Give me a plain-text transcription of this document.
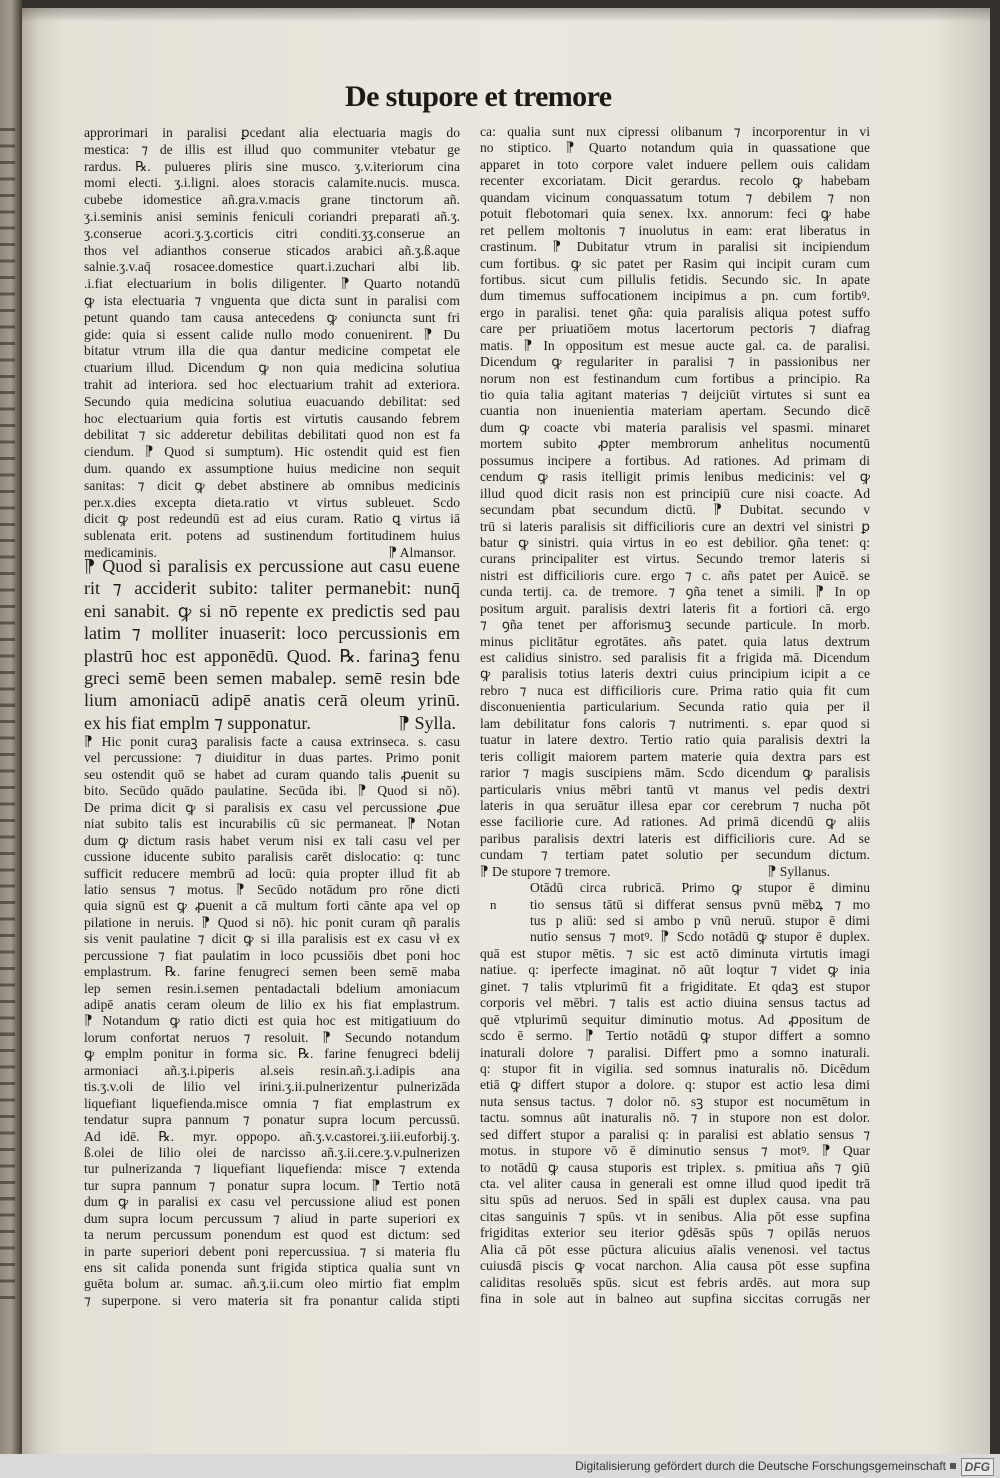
De stupore et tremore
approrimari in paralisi ꝑcedant alia electuaria magis do
mestica: ⁊ de illis est illud quo communiter vtebatur ge
rardus. ℞. pulueres pliris sine musco. ʒ.v.iteriorum cina
momi electi. ʒ.i.ligni. aloes storacis calamite.nucis. musca.
cubebe idomestice añ.gra.v.macis grane tinctorum añ.
ʒ.i.seminis anisi seminis feniculi coriandri preparati añ.ʒ.
ʒ.conserue acori.ʒ.ʒ.corticis citri conditi.ʒʒ.conserue an
thos vel adianthos conserue sticados arabici añ.ʒ.ß.aque
salnie.ʒ.v.aq̄ rosacee.domestice quart.i.zuchari albi lib.
.i.fiat electuarium in bolis diligenter. ⁋ Quarto notandū
ꝙ ista electuaria ⁊ vnguenta que dicta sunt in paralisi com
petunt quando tam causa antecedens ꝙ coniuncta sunt fri
gide: quia si essent calide nullo modo conuenirent. ⁋ Du
bitatur vtrum illa die qua dantur medicine competat ele
ctuarium illud. Dicendum ꝙ non quia medicina solutiua
trahit ad interiora. sed hoc electuarium trahit ad exteriora.
Secundo quia medicina solutiua euacuando debilitat: sed
hoc electuarium quia fortis est virtutis causando febrem
debilitat ⁊ sic adderetur debilitas debilitati quod non est fa
ciendum. ⁋ Quod si sumptum). Hic ostendit quid est fien
dum. quando ex assumptione huius medicine non sequit
sanitas: ⁊ dicit ꝙ debet abstinere ab omnibus medicinis
per.x.dies excepta dieta.ratio vt virtus subleuet. Scdo
dicit ꝙ post redeundū est ad eius curam. Ratio ꝗ virtus iā
sublenata erit. potens ad sustinendum fortitudinem huius
medicaminis.	⁋ Almansor.
⁋ Quod si paralisis ex percussione aut casu euene
rit ⁊ acciderit subito: taliter permanebit: nunq̄
eni sanabit. ꝙ si nō repente ex predictis sed pau
latim ⁊ molliter inuaserit: loco percussionis em
plastrū hoc est apponēdū. Quod. ℞. farinaꝫ fenu
greci semē been semen mabalep. semē resin bde
lium amoniacū adipē anatis cerā oleum yrinū.
ex his fiat emplm ⁊ supponatur.	⁋ Sylla.
⁋ Hic ponit curaꝫ paralisis facte a causa extrinseca. s. casu
vel percussione: ⁊ diuiditur in duas partes. Primo ponit
seu ostendit quō se habet ad curam quando talis ꝓuenit su
bito. Secūdo quādo paulatine. Secūda ibi. ⁋ Quod si nō).
De prima dicit ꝙ si paralisis ex casu vel percussione ꝓue
niat subito talis est incurabilis cū sic permaneat. ⁋ Notan
dum ꝙ dictum rasis habet verum nisi ex tali casu vel per
cussione iducente subito paralisis carēt dislocatio: q: tunc
sufficit reducere membrū ad locū: quia propter illud fit ab
latio sensus ⁊ motus. ⁋ Secūdo notādum pro rōne dicti
quia signū est ꝙ ꝓuenit a cā multum forti cānte apa vel op
pilatione in neruis. ⁋ Quod si nō). hic ponit curam qñ paralis
sis venit paulatine ⁊ dicit ꝙ si illa paralisis est ex casu vł ex
percussione ⁊ fiat paulatim in loco pcussiōis dbet poni hoc
emplastrum. ℞. farine fenugreci semen been semē maba
lep semen resin.i.semen pentadactali bdelium amoniacum
adipē anatis ceram oleum de lilio ex his fiat emplastrum.
⁋ Notandum ꝙ ratio dicti est quia hoc est mitigatiuum do
lorum confortat neruos ⁊ resoluit. ⁋ Secundo notandum
ꝙ emplm ponitur in forma sic. ℞. farine fenugreci bdelij
armoniaci añ.ʒ.i.piperis al.seis resin.añ.ʒ.i.adipis ana
tis.ʒ.v.oli de lilio vel irini.ʒ.ii.pulnerizentur pulnerizāda
liquefiant liquefienda.misce omnia ⁊ fiat emplastrum ex
tendatur supra pannum ⁊ ponatur supra locum percussū.
Ad idē. ℞. myr. oppopo. añ.ʒ.v.castorei.ʒ.iii.euforbij.ʒ.
ß.olei de lilio olei de narcisso añ.ʒ.ii.cere.ʒ.v.pulnerizen
tur pulnerizanda ⁊ liquefiant liquefienda: misce ⁊ extenda
tur supra pannum ⁊ ponatur supra locum. ⁋ Tertio notā
dum ꝙ in paralisi ex casu vel percussione aliud est ponen
dum supra locum percussum ⁊ aliud in parte superiori ex
ta nerum percussum ponendum est quod est dictum: sed
in parte superiori debent poni repercussiua. ⁊ si materia flu
ens sit calida ponenda sunt frigida stiptica qualia sunt vn
guēta bolum ar. sumac. añ.ʒ.ii.cum oleo mirtio fiat emplm
⁊ superpone. si vero materia sit fra ponantur calida stipti
ca: qualia sunt nux cipressi olibanum ⁊ incorporentur in vi
no stiptico. ⁋ Quarto notandum quia in quassatione que
apparet in toto corpore valet induere pellem ouis calidam
recenter excoriatam. Dicit gerardus. recolo ꝙ habebam
quandam vicinum conquassatum totum ⁊ debilem ⁊ non
potuit flebotomari quia senex. lxx. annorum: feci ꝙ habe
ret pellem moltonis ⁊ inuolutus in eam: erat liberatus in
crastinum. ⁋ Dubitatur vtrum in paralisi sit incipiendum
cum fortibus. ꝙ sic patet per Rasim qui incipit curam cum
fortibus. sicut cum pillulis fetidis. Secundo sic. In apate
dum timemus suffocationem incipimus a pn. cum fortibꝰ.
ergo in paralisi. tenet ꝯña: quia paralisis aliqua potest suffo
care per priuatiōem motus lacertorum pectoris ⁊ diafrag
matis. ⁋ In oppositum est mesue aucte gal. ca. de paralisi.
Dicendum ꝙ regulariter in paralisi ⁊ in passionibus ner
norum non est festinandum cum fortibus a principio. Ra
tio quia talia agitant materias ⁊ deijciūt virtutes si sunt ea
cuantia non inuenientia materiam apertam. Secundo dicē
dum ꝙ coacte vbi materia paralisis vel spasmi. minaret
mortem subito ꝓpter membrorum anhelitus nocumentū
possumus incipere a fortibus. Ad rationes. Ad primam di
cendum ꝙ rasis itelligit primis lenibus medicinis: vel ꝙ
illud quod dicit rasis non est principiū cure nisi coacte. Ad
secundam pbat secundum dictū. ⁋ Dubitat. secundo v
trū si lateris paralisis sit difficilioris cure an dextri vel sinistri ꝑ
batur ꝙ sinistri. quia virtus in eo est debilior. ꝯña tenet: q:
curans principaliter est virtus. Secundo tremor lateris si
nistri est difficilioris cure. ergo ⁊ c. añs patet per Auicē. se
cunda tertij. ca. de tremore. ⁊ ꝯña tenet a simili. ⁋ In op
positum arguit. paralisis dextri lateris fit a fortiori cā. ergo
⁊ ꝯña tenet per afforismuꝫ secunde particule. In morb.
minus piclitātur egrotātes. añs patet. quia latus dextrum
est calidius sinistro. sed paralisis fit a frigida mā. Dicendum
ꝙ paralisis totius lateris dextri cuius principium icipit a ce
rebro ⁊ nuca est difficilioris cure. Prima ratio quia fit cum
disconuenientia particularium. Secunda ratio quia per il
lam debilitatur fons caloris ⁊ nutrimenti. s. epar quod si
tuatur in latere dextro. Tertio ratio quia paralisis dextri la
teris colligit maiorem partem materie quia dextra pars est
rarior ⁊ magis suscipiens mām. Scdo dicendum ꝙ paralisis
particularis vnius mēbri tantū vt manus vel pedis dextri
lateris in qua seruātur illesa epar cor cerebrum ⁊ nucha pōt
esse faciliorie cure. Ad rationes. Ad primā dicendū ꝙ aliis
paribus paralisis dextri lateris est difficilioris cure. Ad se
cundam ⁊ tertiam patet solutio per secundum dictum.
⁋ De stupore ⁊ tremore.	⁋ Syllanus.
Otādū circa rubricā. Primo ꝙ stupor ē diminu
tio sensus tātū si differat sensus pvnū mēbꝝ ⁊ mo
tus p aliū: sed si ambo p vnū neruū. stupor ē dimi
nutio sensus ⁊ motꝰ. ⁋ Scdo notādū ꝙ stupor ē duplex.
quā est stupor mētis. ⁊ sic est actō diminuta virtutis imagi
natiue. q: iperfecte imaginat. nō aūt loqtur ⁊ videt ꝙ inia
ginet. ⁊ talis vtplurimū fit a frigiditate. Et qdaꝫ est stupor
corporis vel mēbri. ⁊ talis est actio diuina sensus tactus ad
quē vtplurimū sequitur diminutio motus. Ad ꝓpositum de
scdo ē sermo. ⁋ Tertio notādū ꝙ stupor differt a somno
inaturali dolore ⁊ paralisi. Differt pmo a somno inaturali.
q: stupor fit in vigilia. sed somnus inaturalis nō. Dicēdum
etiā ꝙ differt stupor a dolore. q: stupor est actio lesa dimi
nuta sensus tactus. ⁊ dolor nō. sꝫ stupor est nocumētum in
tactu. somnus aūt inaturalis nō. ⁊ in stupore non est dolor.
sed differt stupor a paralisi q: in paralisi est ablatio sensus ⁊
motus. in stupore vō ē diminutio sensus ⁊ motꝰ. ⁋ Quar
to notādū ꝙ causa stuporis est triplex. s. pmitiua añs ⁊ ꝯiū
cta. vel aliter causa in generali est omne illud quod ipedit trā
situ spūs ad neruos. Sed in spāli est duplex causa. vna pau
citas sanguinis ⁊ spūs. vt in senibus. Alia pōt esse supfina
frigiditas exterior seu iterior ꝯdēsās spūs ⁊ opilās neruos
Alia cā pōt esse pūctura alicuius aīalis venenosi. vel tactus
cuiusdā piscis ꝙ vocat narchon. Alia causa pōt esse supfina
caliditas resoluēs spūs. sicut est febris ardēs. aut mora sup
fina in sole aut in balneo aut supfina siccitas corrugās ner
n
Digitalisierung gefördert durch die Deutsche Forschungsgemeinschaft	DFG
